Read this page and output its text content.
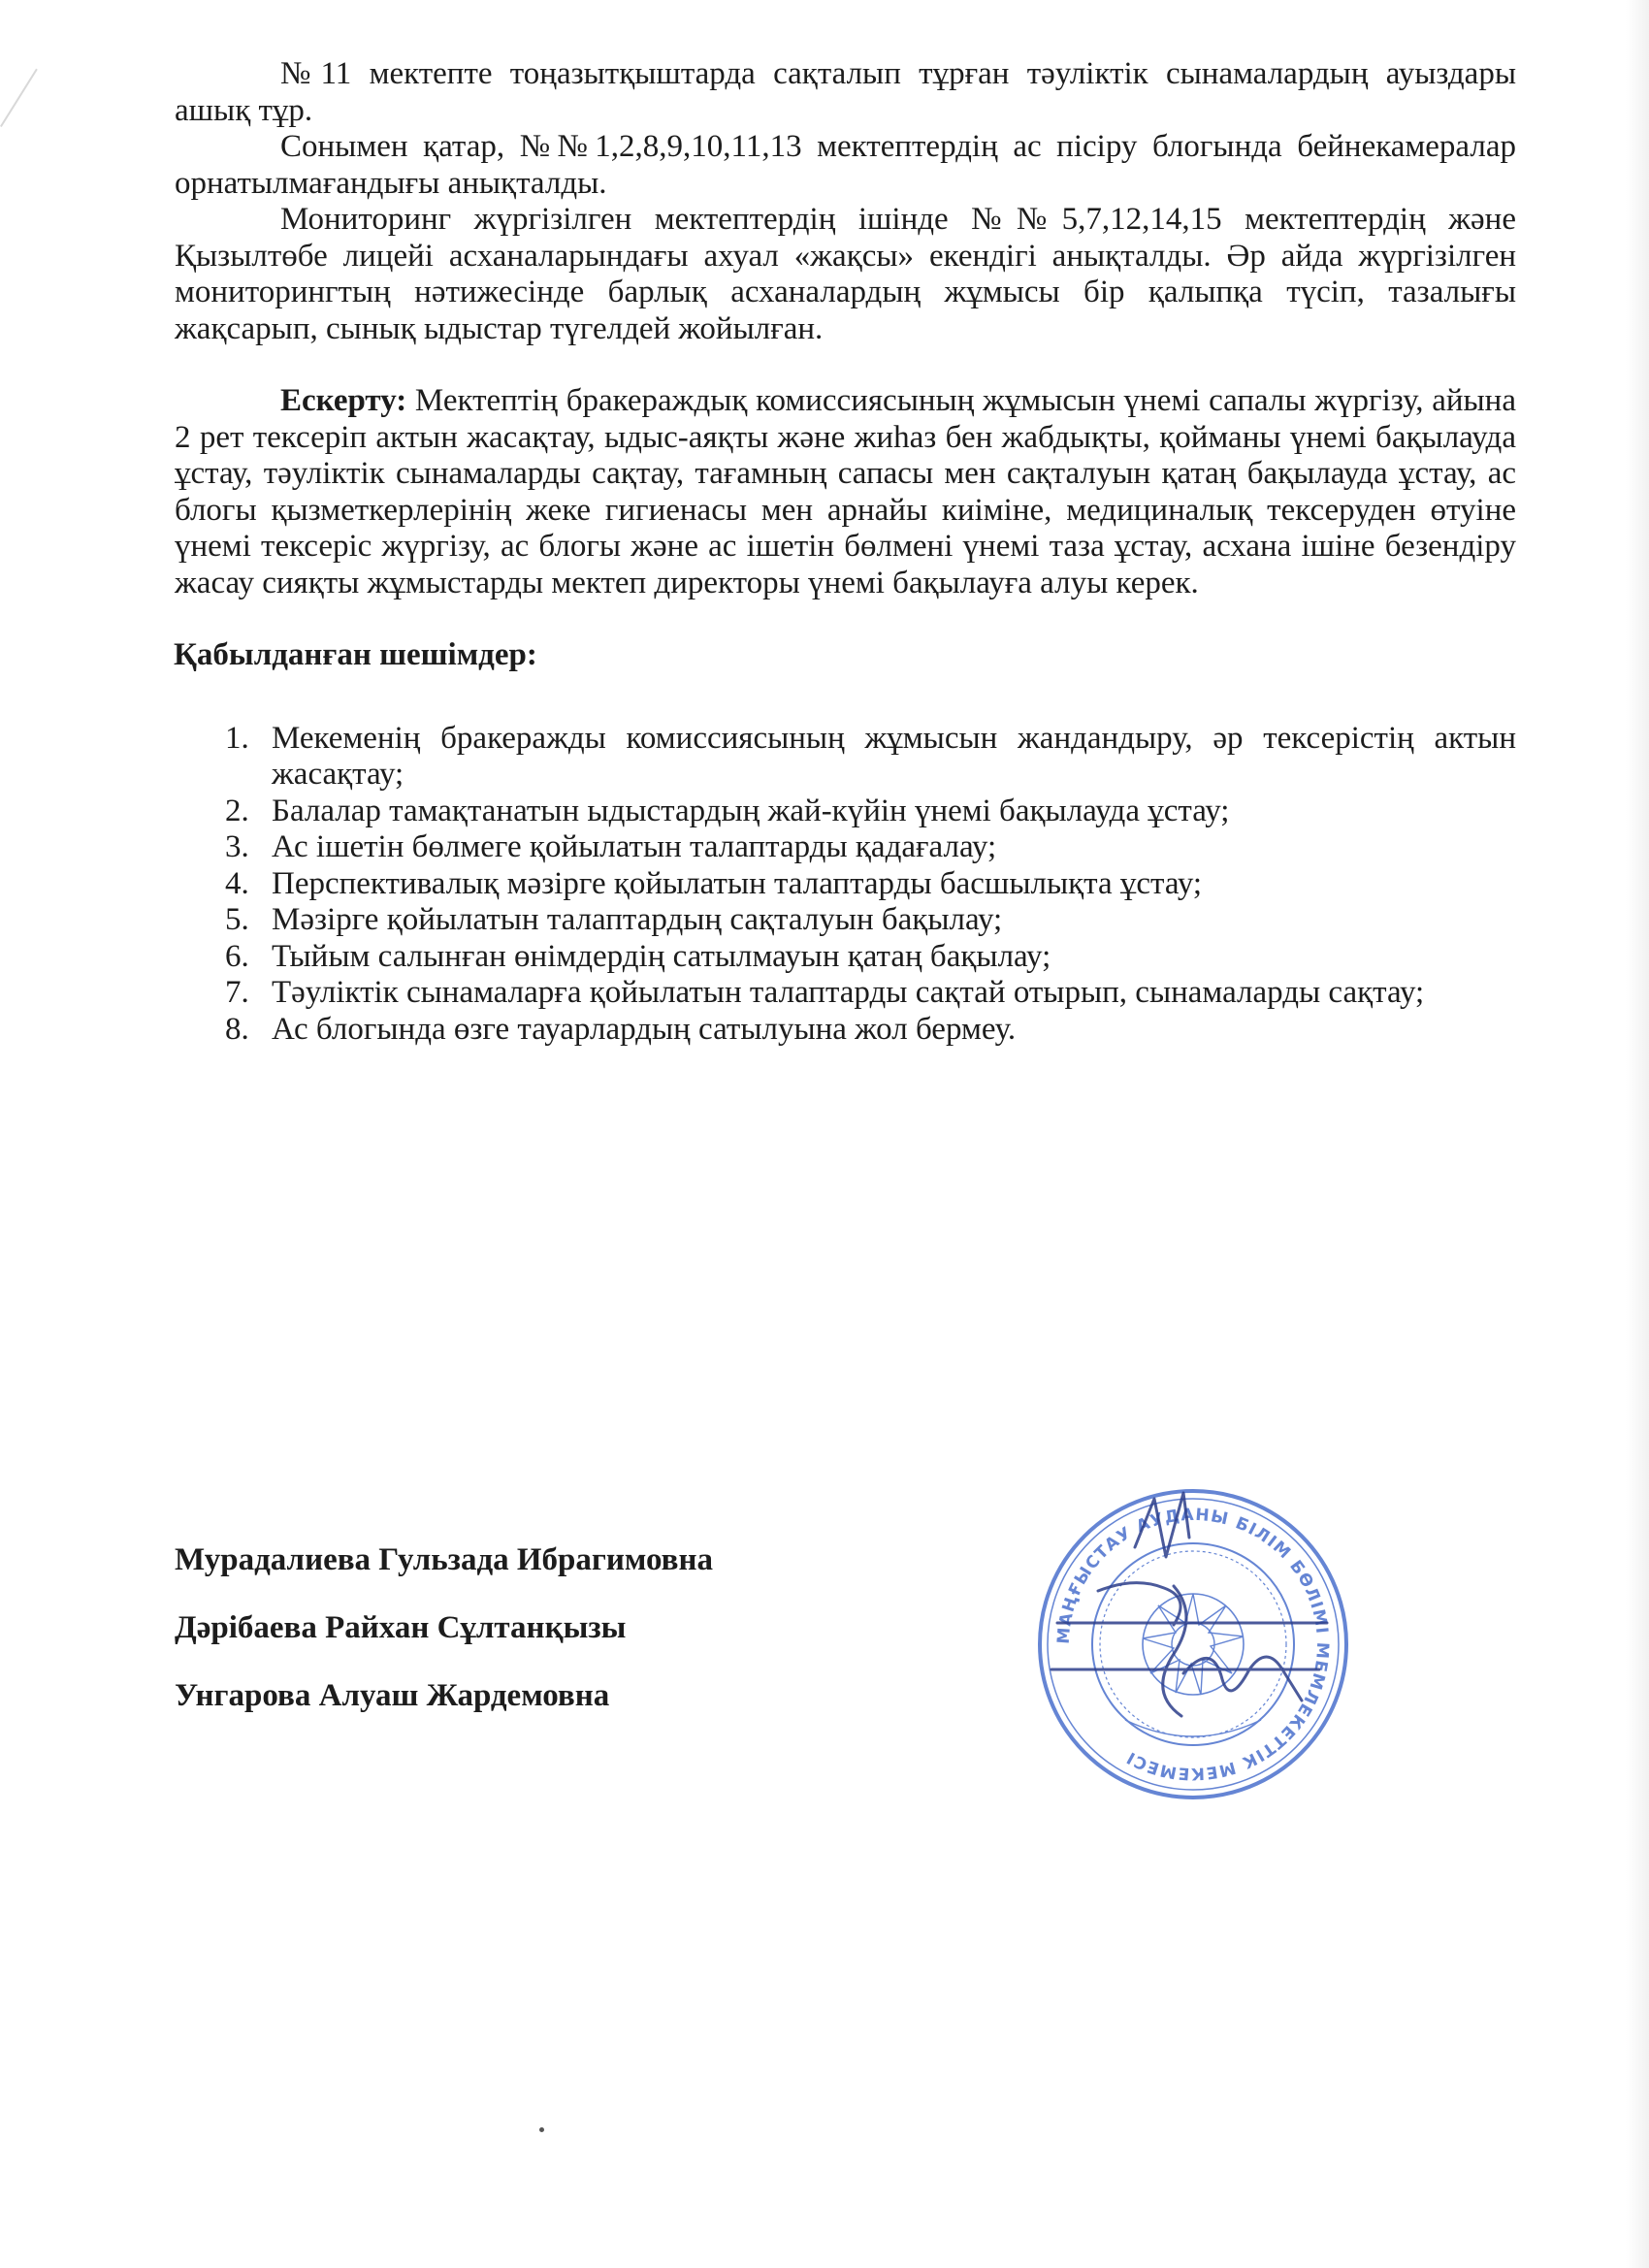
№11 мектепте тоңазытқыштарда сақталып тұрған тәуліктік сынамалардың ауыздары ашық тұр.

Сонымен қатар, №№1,2,8,9,10,11,13 мектептердің ас пісіру блогында бейнекамералар орнатылмағандығы анықталды.

Мониторинг жүргізілген мектептердің ішінде №№5,7,12,14,15 мектептердің және Қызылтөбе лицейі асханаларындағы ахуал «жақсы» екендігі анықталды. Әр айда жүргізілген мониторингтың нәтижесінде барлық асханалардың жұмысы бір қалыпқа түсіп, тазалығы жақсарып, сынық ыдыстар түгелдей жойылған.

Ескерту: Мектептің бракераждық комиссиясының жұмысын үнемі сапалы жүргізу, айына 2 рет тексеріп актын жасақтау, ыдыс-аяқты және жиһаз бен жабдықты, қойманы үнемі бақылауда ұстау, тәуліктік сынамаларды сақтау, тағамның сапасы мен сақталуын қатаң бақылауда ұстау, ас блогы қызметкерлерінің жеке гигиенасы мен арнайы киіміне, медициналық тексеруден өтуіне үнемі тексеріс жүргізу, ас блогы және ас ішетін бөлмені үнемі таза ұстау, асхана ішіне безендіру жасау сияқты жұмыстарды мектеп директоры үнемі бақылауға алуы керек.

Қабылданған шешімдер:

1. Мекеменің бракеражды комиссиясының жұмысын жандандыру, әр тексерістің актын жасақтау;
2. Балалар тамақтанатын ыдыстардың жай-күйін үнемі бақылауда ұстау;
3. Ас ішетін бөлмеге қойылатын талаптарды қадағалау;
4. Перспективалық мәзірге қойылатын талаптарды басшылықта ұстау;
5. Мәзірге қойылатын талаптардың сақталуын бақылау;
6. Тыйым салынған өнімдердің сатылмауын қатаң бақылау;
7. Тәуліктік сынамаларға қойылатын талаптарды сақтай отырып, сынамаларды сақтау;
8. Ас блогында өзге тауарлардың сатылуына жол бермеу.

Мурадалиева Гульзада Ибрагимовна

Дәрібаева Райхан Сұлтанқызы

Унгарова Алуаш Жардемовна

МАҢҒЫСТАУ АУДАНЫ БІЛІМ БӨЛІМІ МЕМЛЕКЕТТІК МЕКЕМЕСІ
